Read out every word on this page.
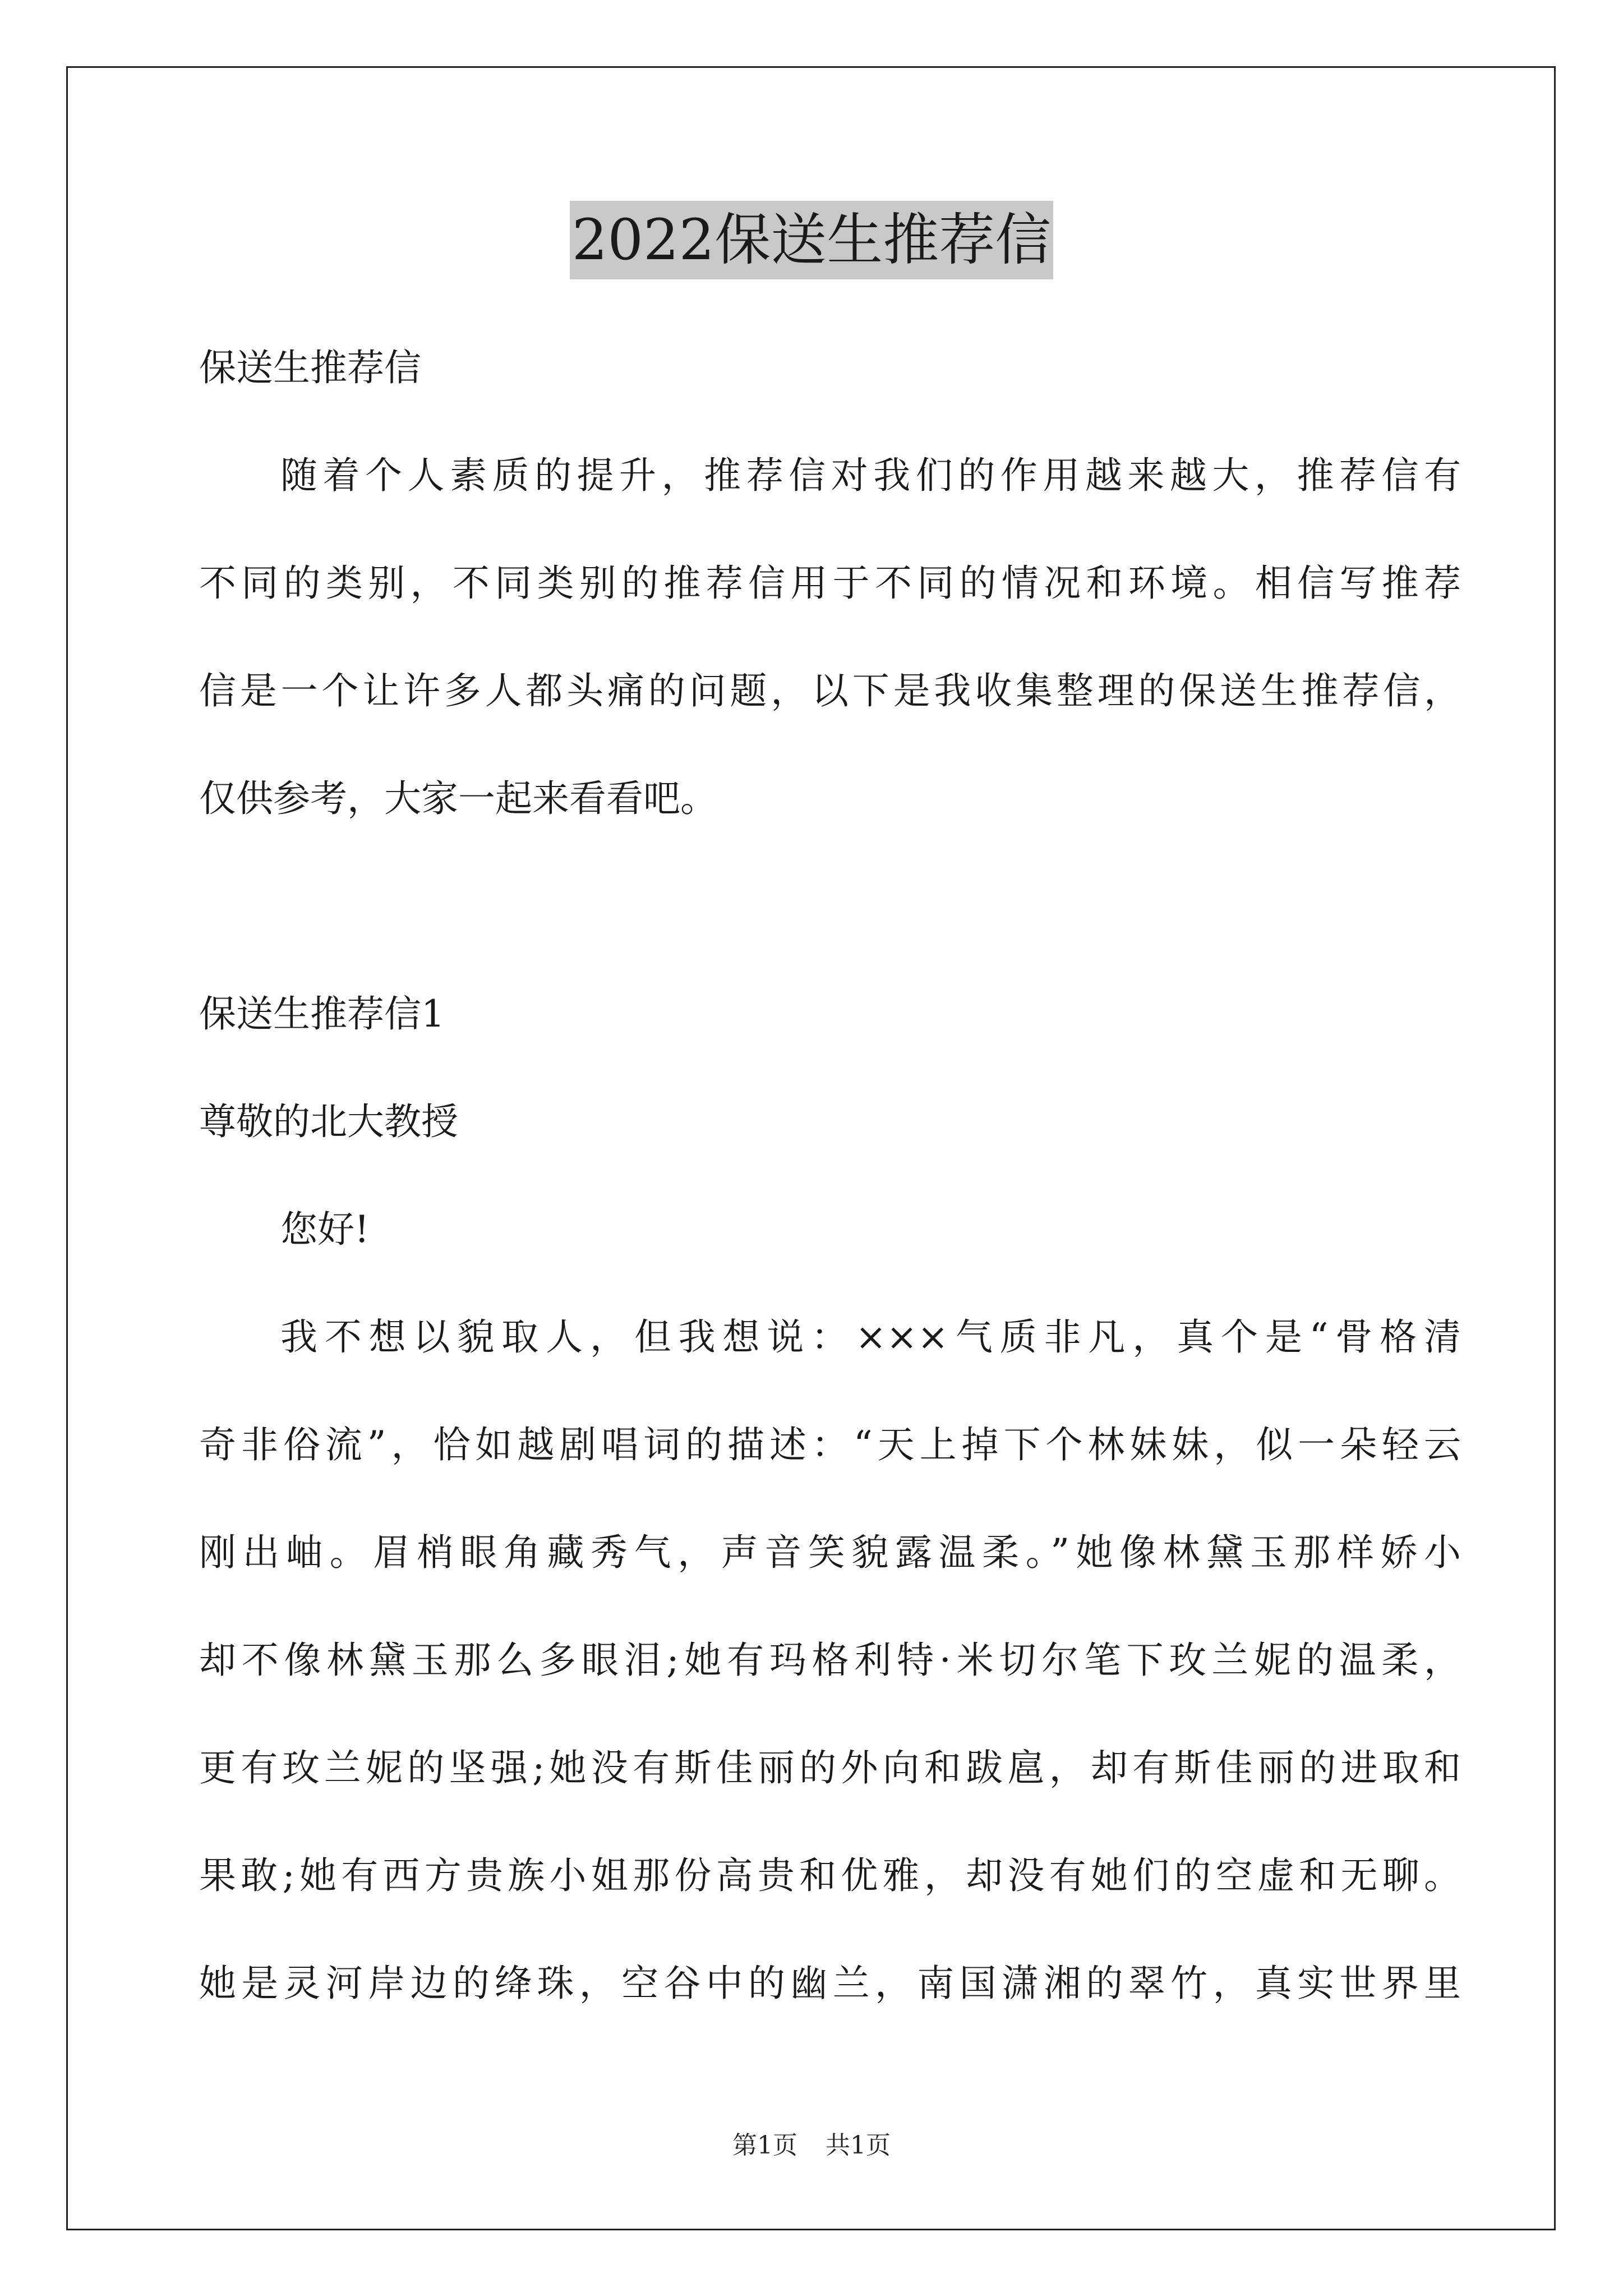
2022保送生推荐信
保送生推荐信
随着个人素质的提升，推荐信对我们的作用越来越大，推荐信有
不同的类别，不同类别的推荐信用于不同的情况和环境。相信写推荐
信是一个让许多人都头痛的问题，以下是我收集整理的保送生推荐信，
仅供参考，大家一起来看看吧。
保送生推荐信1
尊敬的北大教授
您好!
我不想以貌取人，但我想说：×××气质非凡，真个是“骨格清
奇非俗流”，恰如越剧唱词的描述：“天上掉下个林妹妹，似一朵轻云
刚出岫。眉梢眼角藏秀气，声音笑貌露温柔。”她像林黛玉那样娇小
却不像林黛玉那么多眼泪;她有玛格利特·米切尔笔下玫兰妮的温柔，
更有玫兰妮的坚强;她没有斯佳丽的外向和跋扈，却有斯佳丽的进取和
果敢;她有西方贵族小姐那份高贵和优雅，却没有她们的空虚和无聊。
她是灵河岸边的绛珠，空谷中的幽兰，南国潇湘的翠竹，真实世界里
第1页 共1页
